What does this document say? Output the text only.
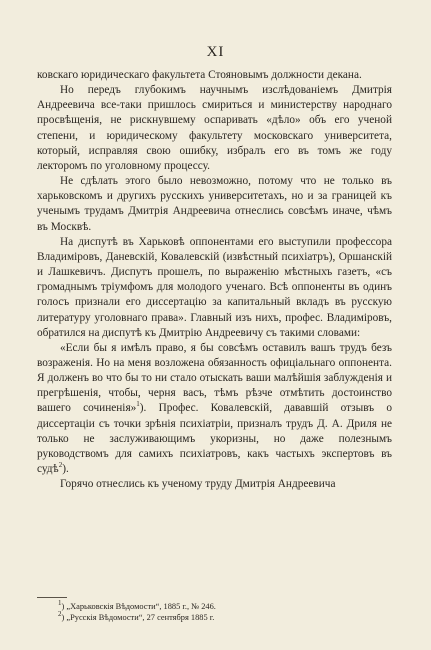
XI

ковскаго юридическаго факультета Стояновымъ должности декана.

Но передъ глубокимъ научнымъ изслѣдованіемъ Дмитрія Андреевича все-таки пришлось смириться и министерству народнаго просвѣщенія, не рискнувшему оспаривать «дѣло» объ его ученой степени, и юридическому факультету московскаго университета, который, исправляя свою ошибку, избралъ его въ томъ же году лекторомъ по уголовному процессу.

Не сдѣлать этого было невозможно, потому что не только въ харьковскомъ и другихъ русскихъ университетахъ, но и за границей къ ученымъ трудамъ Дмитрія Андреевича отнеслись совсѣмъ иначе, чѣмъ въ Москвѣ.

На диспутѣ въ Харьковѣ оппонентами его выступили профессора Владиміровъ, Даневскій, Ковалевскій (извѣстный психіатръ), Оршанскій и Лашкевичъ. Диспутъ прошелъ, по выраженію мѣстныхъ газетъ, «съ громаднымъ тріумфомъ для молодого ученаго. Всѣ оппоненты въ одинъ голосъ признали его диссертацію за капитальный вкладъ въ русскую литературу уголовнаго права». Главный изъ нихъ, профес. Владиміровъ, обратился на диспутѣ къ Дмитрію Андреевичу съ такими словами:

«Если бы я имѣлъ право, я бы совсѣмъ оставилъ вашъ трудъ безъ возраженія. Но на меня возложена обязанность офиціальнаго оппонента. Я долженъ во что бы то ни стало отыскать ваши малѣйшія заблужденія и прегрѣшенія, чтобы, черня васъ, тѣмъ рѣзче отмѣтить достоинство вашего сочиненія»$^1$). Профес. Ковалевскій, дававшій отзывъ о диссертаціи съ точки зрѣнія психіатріи, призналъ трудъ Д. А. Дриля не только не заслуживающимъ укоризны, но даже полезнымъ руководствомъ для самихъ психіатровъ, какъ частыхъ экспертовъ въ судѣ$^2$).

Горячо отнеслись къ ученому труду Дмитрія Андреевича

$^1$) „Харьковскія Вѣдомости“, 1885 г., № 246.
$^2$) „Русскія Вѣдомости“, 27 сентября 1885 г.
